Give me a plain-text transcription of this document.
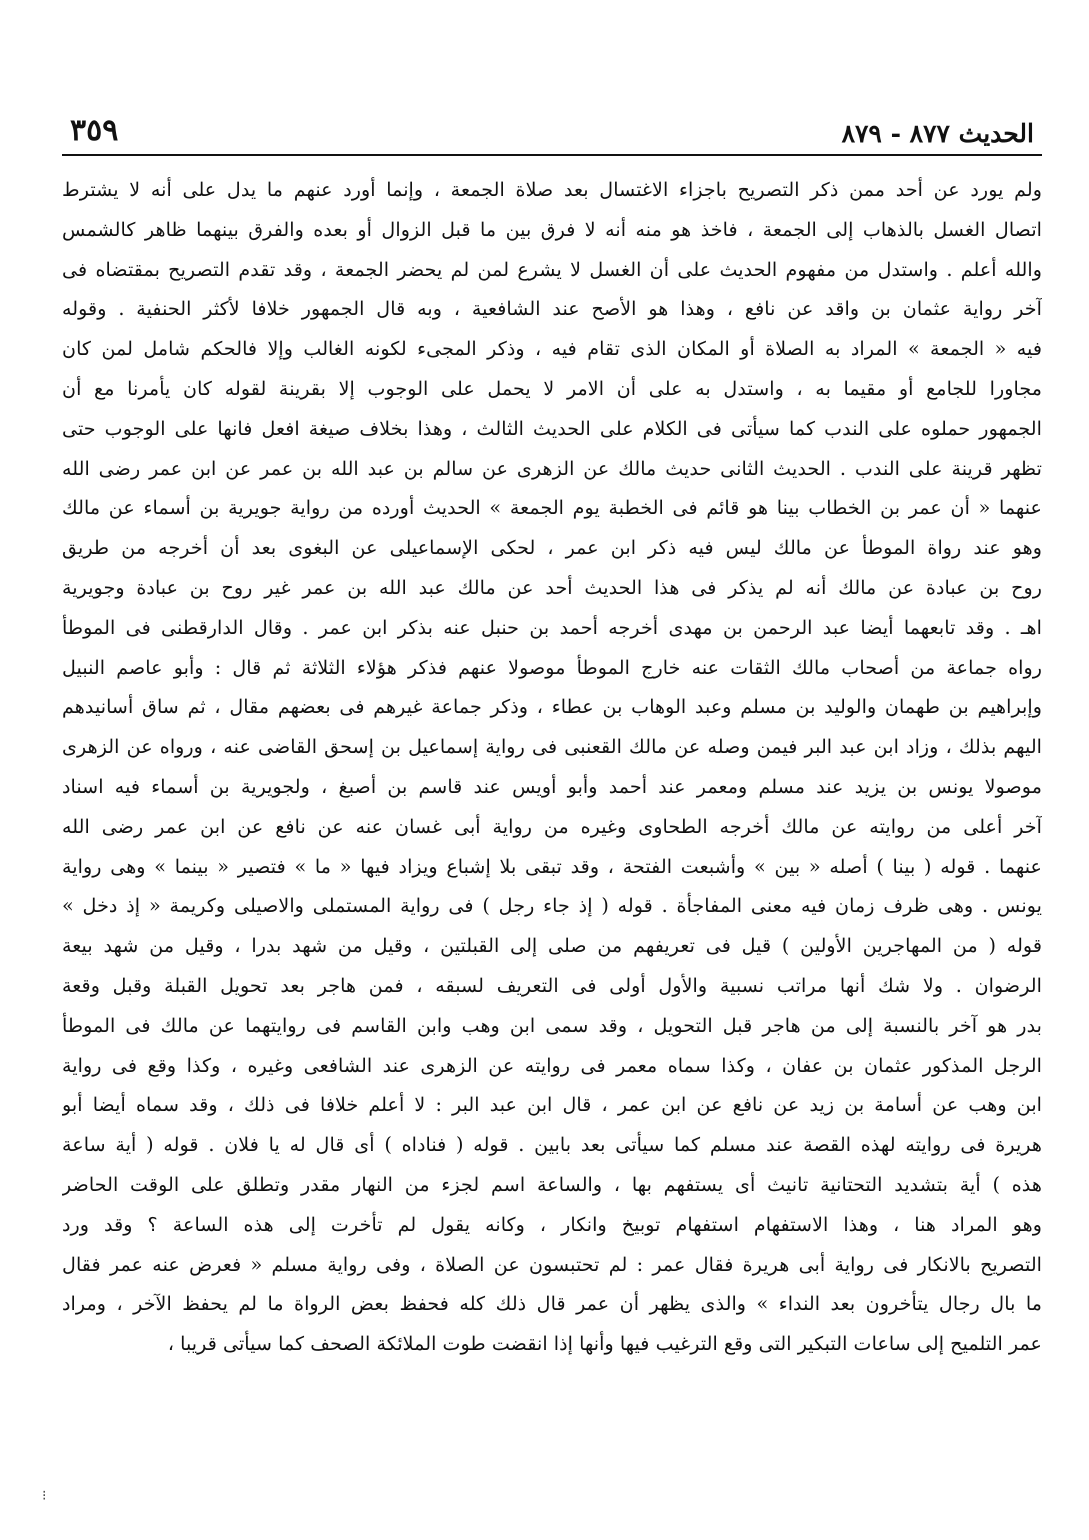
الحديث ٨٧٧ - ٨٧٩
٣٥٩
ولم يورد عن أحد ممن ذكر التصريح باجزاء الاغتسال بعد صلاة الجمعة ، وإنما أورد عنهم ما يدل على أنه لا يشترط
اتصال الغسل بالذهاب إلى الجمعة ، فاخذ هو منه أنه لا فرق بين ما قبل الزوال أو بعده والفرق بينهما ظاهر كالشمس
والله أعلم . واستدل من مفهوم الحديث على أن الغسل لا يشرع لمن لم يحضر الجمعة ، وقد تقدم التصريح بمقتضاه فى
آخر رواية عثمان بن واقد عن نافع ، وهذا هو الأصح عند الشافعية ، وبه قال الجمهور خلافا لأكثر الحنفية . وقوله
فيه « الجمعة » المراد به الصلاة أو المكان الذى تقام فيه ، وذكر المجىء لكونه الغالب وإلا فالحكم شامل لمن كان
مجاورا للجامع أو مقيما به ، واستدل به على أن الامر لا يحمل على الوجوب إلا بقرينة لقوله كان يأمرنا مع أن
الجمهور حملوه على الندب كما سيأتى فى الكلام على الحديث الثالث ، وهذا بخلاف صيغة افعل فانها على الوجوب حتى
تظهر قرينة على الندب . الحديث الثانى حديث مالك عن الزهرى عن سالم بن عبد الله بن عمر عن ابن عمر رضى الله
عنهما « أن عمر بن الخطاب بينا هو قائم فى الخطبة يوم الجمعة » الحديث أورده من رواية جويرية بن أسماء عن مالك
وهو عند رواة الموطأ عن مالك ليس فيه ذكر ابن عمر ، لحكى الإسماعيلى عن البغوى بعد أن أخرجه من طريق
روح بن عبادة عن مالك أنه لم يذكر فى هذا الحديث أحد عن مالك عبد الله بن عمر غير روح بن عبادة وجويرية
اهـ . وقد تابعهما أيضا عبد الرحمن بن مهدى أخرجه أحمد بن حنبل عنه بذكر ابن عمر . وقال الدارقطنى فى الموطأ
رواه جماعة من أصحاب مالك الثقات عنه خارج الموطأ موصولا عنهم فذكر هؤلاء الثلاثة ثم قال : وأبو عاصم النبيل
وإبراهيم بن طهمان والوليد بن مسلم وعبد الوهاب بن عطاء ، وذكر جماعة غيرهم فى بعضهم مقال ، ثم ساق أسانيدهم
اليهم بذلك ، وزاد ابن عبد البر فيمن وصله عن مالك القعنبى فى رواية إسماعيل بن إسحق القاضى عنه ، ورواه عن الزهرى
موصولا يونس بن يزيد عند مسلم ومعمر عند أحمد وأبو أويس عند قاسم بن أصبغ ، ولجويرية بن أسماء فيه اسناد
آخر أعلى من روايته عن مالك أخرجه الطحاوى وغيره من رواية أبى غسان عنه عن نافع عن ابن عمر رضى الله
عنهما . قوله ( بينا ) أصله « بين » وأشبعت الفتحة ، وقد تبقى بلا إشباع ويزاد فيها « ما » فتصير « بينما » وهى رواية
يونس . وهى ظرف زمان فيه معنى المفاجأة . قوله ( إذ جاء رجل ) فى رواية المستملى والاصيلى وكريمة « إذ دخل »
قوله ( من المهاجرين الأولين ) قيل فى تعريفهم من صلى إلى القبلتين ، وقيل من شهد بدرا ، وقيل من شهد بيعة
الرضوان . ولا شك أنها مراتب نسبية والأول أولى فى التعريف لسبقه ، فمن هاجر بعد تحويل القبلة وقبل وقعة
بدر هو آخر بالنسبة إلى من هاجر قبل التحويل ، وقد سمى ابن وهب وابن القاسم فى روايتهما عن مالك فى الموطأ
الرجل المذكور عثمان بن عفان ، وكذا سماه معمر فى روايته عن الزهرى عند الشافعى وغيره ، وكذا وقع فى رواية
ابن وهب عن أسامة بن زيد عن نافع عن ابن عمر ، قال ابن عبد البر : لا أعلم خلافا فى ذلك ، وقد سماه أيضا أبو
هريرة فى روايته لهذه القصة عند مسلم كما سيأتى بعد بابين . قوله ( فناداه ) أى قال له يا فلان . قوله ( أية ساعة
هذه ) أية بتشديد التحتانية تانيث أى يستفهم بها ، والساعة اسم لجزء من النهار مقدر وتطلق على الوقت الحاضر
وهو المراد هنا ، وهذا الاستفهام استفهام توبيخ وانكار ، وكانه يقول لم تأخرت إلى هذه الساعة ؟ وقد ورد
التصريح بالانكار فى رواية أبى هريرة فقال عمر : لم تحتبسون عن الصلاة ، وفى رواية مسلم « فعرض عنه عمر فقال
ما بال رجال يتأخرون بعد النداء » والذى يظهر أن عمر قال ذلك كله فحفظ بعض الرواة ما لم يحفظ الآخر ، ومراد
عمر التلميح إلى ساعات التبكير التى وقع الترغيب فيها وأنها إذا انقضت طوت الملائكة الصحف كما سيأتى قريبا ،
⁝
